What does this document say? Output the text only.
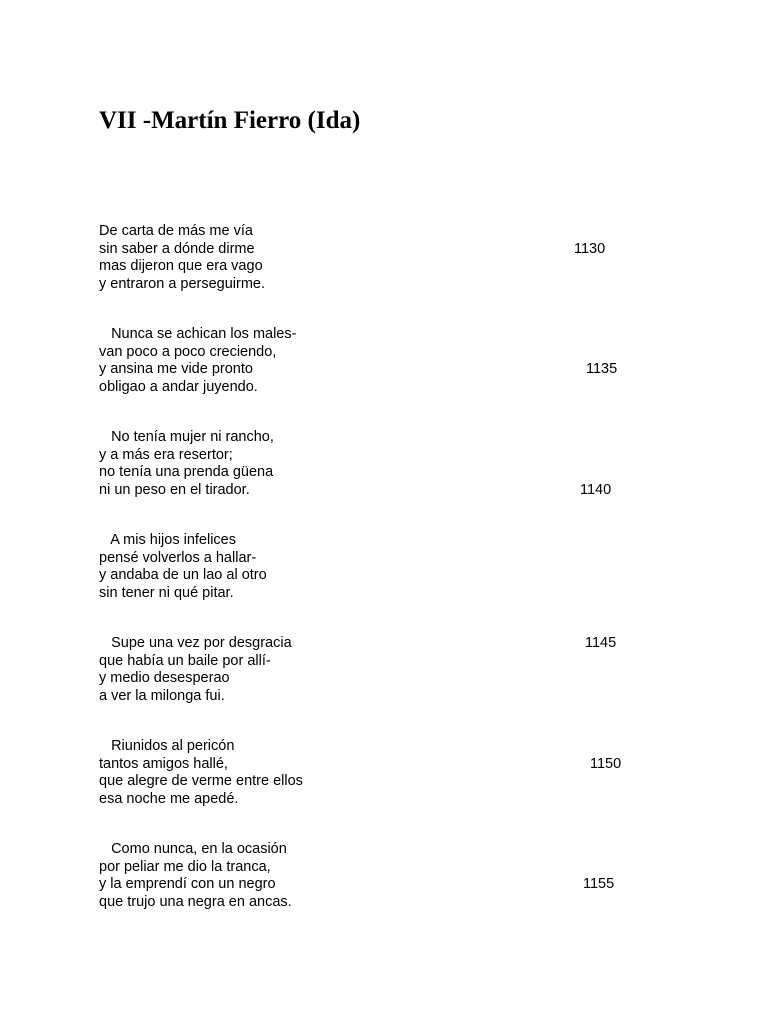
VII -Martín Fierro (Ida)
De carta de más me vía
sin saber a dónde dirme	1130
mas dijeron que era vago
y entraron a perseguirme.
Nunca se achican los males-
van poco a poco creciendo,
y ansina me vide pronto	1135
obligao a andar juyendo.
No tenía mujer ni rancho,
y a más era resertor;
no tenía una prenda güena
ni un peso en el tirador.	1140
A mis hijos infelices
pensé volverlos a hallar-
y andaba de un lao al otro
sin tener ni qué pitar.
Supe una vez por desgracia	1145
que había un baile por allí-
y medio desesperao
a ver la milonga fui.
Riunidos al pericón
tantos amigos hallé,	1150
que alegre de verme entre ellos
esa noche me apedé.
Como nunca, en la ocasión
por peliar me dio la tranca,
y la emprendí con un negro	1155
que trujo una negra en ancas.
